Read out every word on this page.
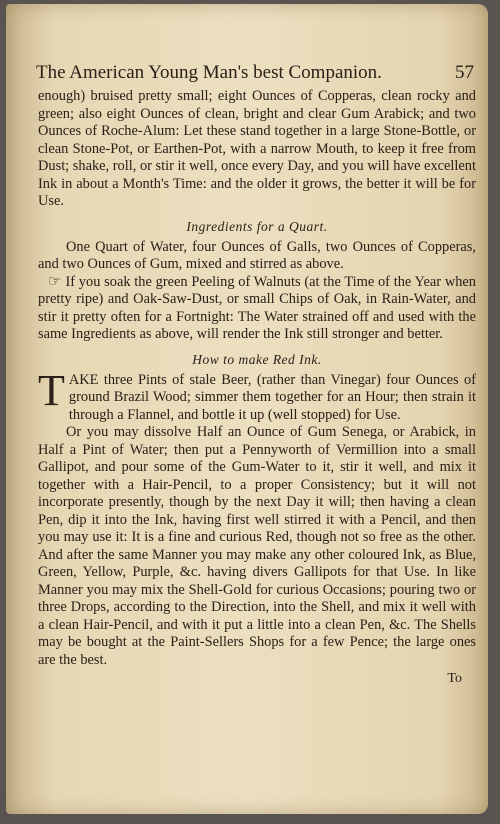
The American Young Man's best Companion.	57

enough) bruised pretty small; eight Ounces of Copperas, clean rocky and green; also eight Ounces of clean, bright and clear Gum Arabick; and two Ounces of Roche-Alum: Let these stand together in a large Stone-Bottle, or clean Stone-Pot, or Earthen-Pot, with a narrow Mouth, to keep it free from Dust; shake, roll, or stir it well, once every Day, and you will have excellent Ink in about a Month's Time: and the older it grows, the better it will be for Use.

Ingredients for a Quart.

One Quart of Water, four Ounces of Galls, two Ounces of Copperas, and two Ounces of Gum, mixed and stirred as above.

☞ If you soak the green Peeling of Walnuts (at the Time of the Year when pretty ripe) and Oak-Saw-Dust, or small Chips of Oak, in Rain-Water, and stir it pretty often for a Fortnight: The Water strained off and used with the same Ingredients as above, will render the Ink still stronger and better.

How to make Red Ink.

TAKE three Pints of stale Beer, (rather than Vinegar) four Ounces of ground Brazil Wood; simmer them together for an Hour; then strain it through a Flannel, and bottle it up (well stopped) for Use.

Or you may dissolve Half an Ounce of Gum Senega, or Arabick, in Half a Pint of Water; then put a Pennyworth of Vermillion into a small Gallipot, and pour some of the Gum-Water to it, stir it well, and mix it together with a Hair-Pencil, to a proper Consistency; but it will not incorporate presently, though by the next Day it will; then having a clean Pen, dip it into the Ink, having first well stirred it with a Pencil, and then you may use it: It is a fine and curious Red, though not so free as the other. And after the same Manner you may make any other coloured Ink, as Blue, Green, Yellow, Purple, &c. having divers Gallipots for that Use. In like Manner you may mix the Shell-Gold for curious Occasions; pouring two or three Drops, according to the Direction, into the Shell, and mix it well with a clean Hair-Pencil, and with it put a little into a clean Pen, &c. The Shells may be bought at the Paint-Sellers Shops for a few Pence; the large ones are the best.

To
